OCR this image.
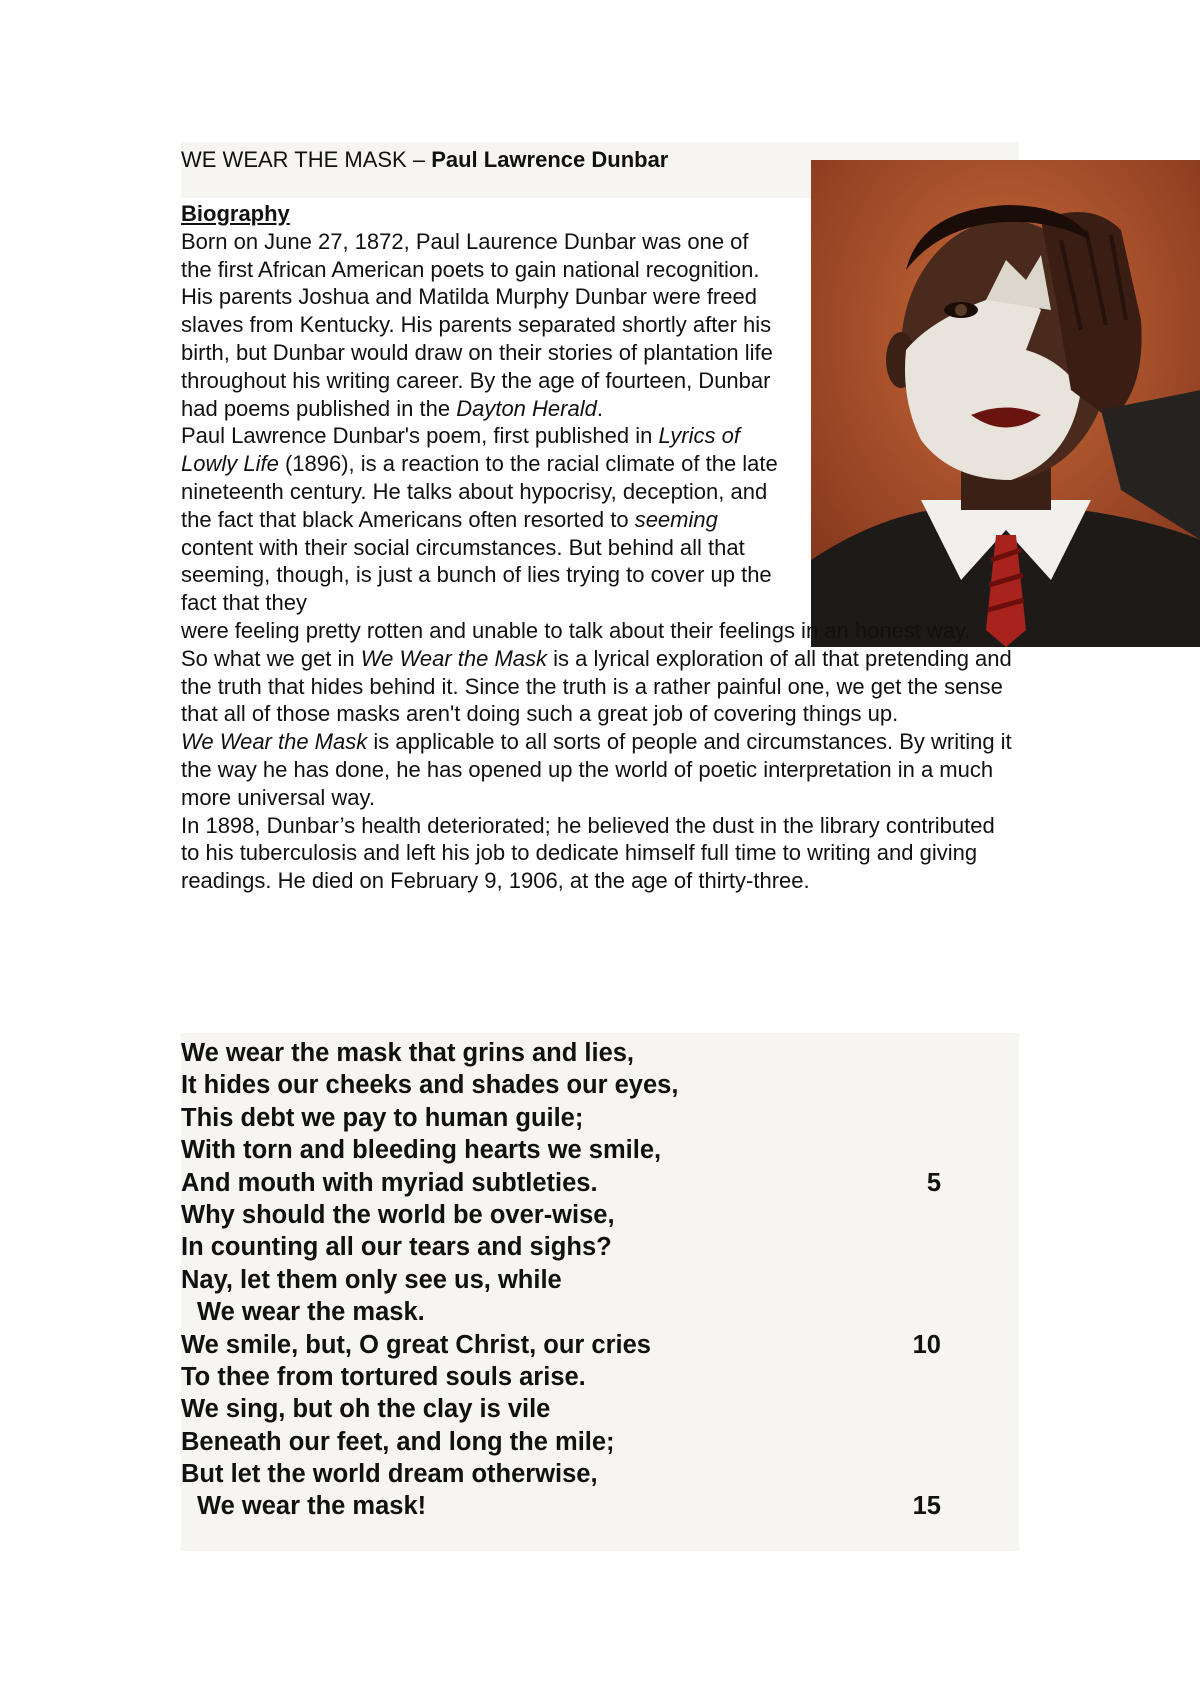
WE WEAR THE MASK – Paul Lawrence Dunbar
Biography

Born on June 27, 1872, Paul Laurence Dunbar was one of the first African American poets to gain national recognition. His parents Joshua and Matilda Murphy Dunbar were freed slaves from Kentucky. His parents separated shortly after his birth, but Dunbar would draw on their stories of plantation life throughout his writing career. By the age of fourteen, Dunbar had poems published in the Dayton Herald.

Paul Lawrence Dunbar's poem, first published in Lyrics of Lowly Life (1896), is a reaction to the racial climate of the late nineteenth century. He talks about hypocrisy, deception, and the fact that black Americans often resorted to seeming content with their social circumstances. But behind all that seeming, though, is just a bunch of lies trying to cover up the fact that they

were feeling pretty rotten and unable to talk about their feelings in an honest way.

So what we get in We Wear the Mask is a lyrical exploration of all that pretending and the truth that hides behind it. Since the truth is a rather painful one, we get the sense that all of those masks aren't doing such a great job of covering things up.

We Wear the Mask is applicable to all sorts of people and circumstances. By writing it the way he has done, he has opened up the world of poetic interpretation in a much more universal way.

In 1898, Dunbar’s health deteriorated; he believed the dust in the library contributed to his tuberculosis and left his job to dedicate himself full time to writing and giving readings. He died on February 9, 1906, at the age of thirty-three.

We wear the mask that grins and lies,
It hides our cheeks and shades our eyes,
This debt we pay to human guile;
With torn and bleeding hearts we smile,
And mouth with myriad subtleties.	5
Why should the world be over-wise,
In counting all our tears and sighs?
Nay, let them only see us, while
We wear the mask.
We smile, but, O great Christ, our cries	10
To thee from tortured souls arise.
We sing, but oh the clay is vile
Beneath our feet, and long the mile;
But let the world dream otherwise,
We wear the mask!	15
